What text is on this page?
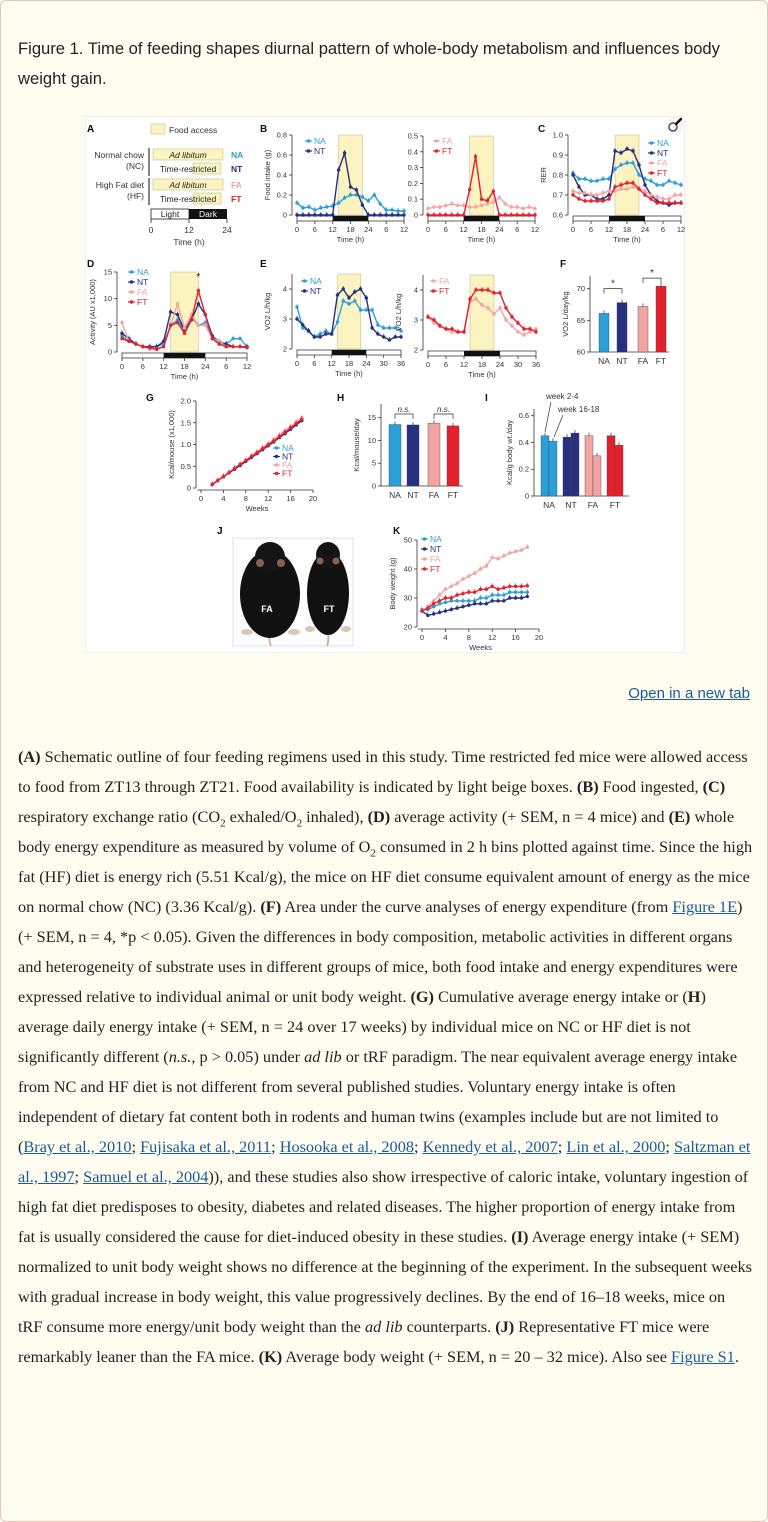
Figure 1. Time of feeding shapes diurnal pattern of whole-body metabolism and influences body weight gain.
A	Food access
Normal chow
(NC)
Ad libitum
Time-restricted
NA
NT
High Fat diet
(HF)
Ad libitum
Time-restricted
FA
FT
Light Dark
0	12	24
Time (h)
J
FA	FT
B
0
0.2
0.4
0.6
0.8
Food intake (g)
0 6 12 18 24 6 12
Time (h)
0
0.1
0.2
0.3
0.4
0.5
0 6 12 18 24 6 12
Time (h)
C
0.6
0.7
0.8
0.9
1.0
RER
0 6 12 18 24 6 12
Time (h)
D
0
5
10
15
Activity (AU x1,000)
0 6 12 18 24 6 12
Time (h)
E
2
3
4
VO2 L/h/kg
0 6 12 18 24 30 36
Time (h)
2
3
4
VO2 L/h/kg
0 6 12 18 24 30 36
Time (h)
F
60
65
70
VO2 L/day/kg
NA NT FA FT
*
*
G
0
0.5
1.0
1.5
2.0
Kcal/mouse (x1,000)
0 4 8 12 16 20
Weeks
H
0
5
10
15
Kcal/mouse/day
NA NT FA FT
n.s.	n.s.
I
0
0.2
0.4
0.6
Kcal/g body wt./day
NA NT FA FT
week 2-4
week 16-18
K
20
30
40
50
Body weight (g)
0	4	8 12 16 20
Weeks
NA
NT
FA
FT
NA
NT
FA
FT
NA
NT
FA
FT
*	NA
NT
FA
FT
NA
NT
FA
FT
NA
NT
FA
FT
Open in a new tab

(A) Schematic outline of four feeding regimens used in this study. Time restricted fed mice were allowed access to food from ZT13 through ZT21. Food availability is indicated by light beige boxes. (B) Food ingested, (C) respiratory exchange ratio ($CO_2$ exhaled/$O_2$ inhaled), (D) average activity (+ SEM, n = 4 mice) and (E) whole body energy expenditure as measured by volume of $O_2$ consumed in 2 h bins plotted against time. Since the high fat (HF) diet is energy rich (5.51 Kcal/g), the mice on HF diet consume equivalent amount of energy as the mice on normal chow (NC) (3.36 Kcal/g). (F) Area under the curve analyses of energy expenditure (from Figure 1E) (+ SEM, n = 4, *p < 0.05). Given the differences in body composition, metabolic activities in different organs and heterogeneity of substrate uses in different groups of mice, both food intake and energy expenditures were expressed relative to individual animal or unit body weight. (G) Cumulative average energy intake or (H) average daily energy intake (+ SEM, n = 24 over 17 weeks) by individual mice on NC or HF diet is not significantly different (n.s., p > 0.05) under ad lib or tRF paradigm. The near equivalent average energy intake from NC and HF diet is not different from several published studies. Voluntary energy intake is often independent of dietary fat content both in rodents and human twins (examples include but are not limited to (Bray et al., 2010; Fujisaka et al., 2011; Hosooka et al., 2008; Kennedy et al., 2007; Lin et al., 2000; Saltzman et al., 1997; Samuel et al., 2004)), and these studies also show irrespective of caloric intake, voluntary ingestion of high fat diet predisposes to obesity, diabetes and related diseases. The higher proportion of energy intake from fat is usually considered the cause for diet-induced obesity in these studies. (I) Average energy intake (+ SEM) normalized to unit body weight shows no difference at the beginning of the experiment. In the subsequent weeks with gradual increase in body weight, this value progressively declines. By the end of 16–18 weeks, mice on tRF consume more energy/unit body weight than the ad lib counterparts. (J) Representative FT mice were remarkably leaner than the FA mice. (K) Average body weight (+ SEM, n = 20 – 32 mice). Also see Figure S1.
